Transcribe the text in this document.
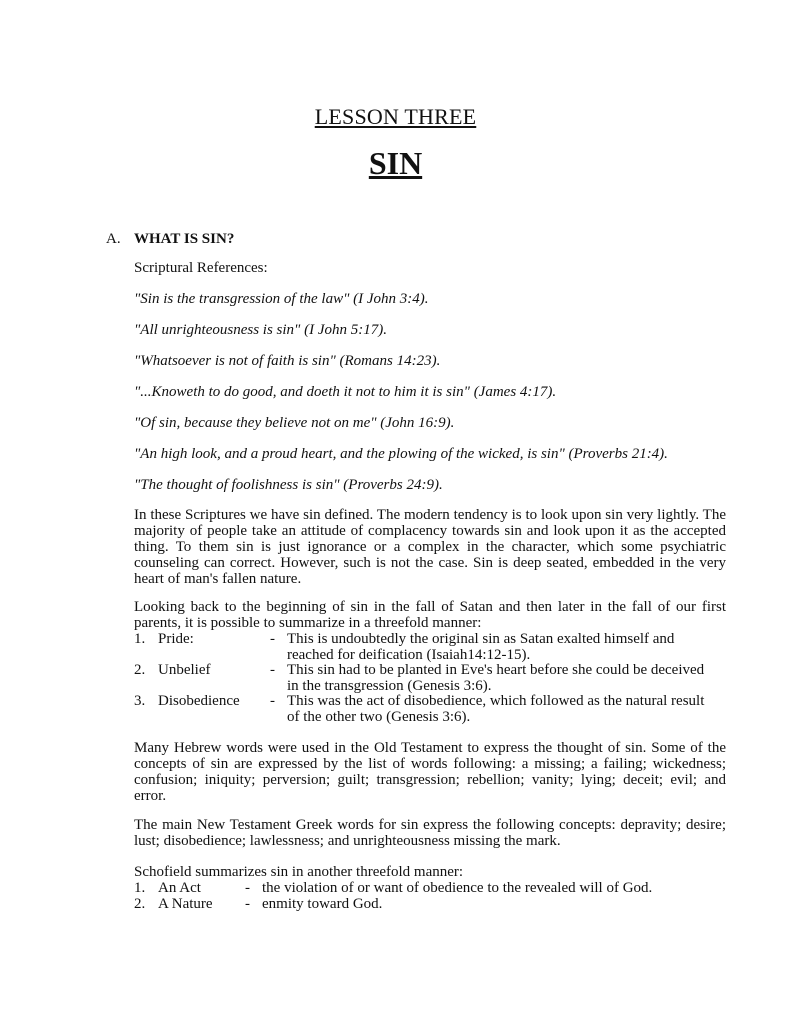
LESSON THREE
SIN
A. WHAT IS SIN?
Scriptural References:
"Sin is the transgression of the law" (I John 3:4).
"All unrighteousness is sin" (I John 5:17).
"Whatsoever is not of faith is sin" (Romans 14:23).
"...Knoweth to do good, and doeth it not to him it is sin" (James 4:17).
"Of sin, because they believe not on me" (John 16:9).
"An high look, and a proud heart, and the plowing of the wicked, is sin" (Proverbs 21:4).
"The thought of foolishness is sin" (Proverbs 24:9).
In these Scriptures we have sin defined. The modern tendency is to look upon sin very lightly. The majority of people take an attitude of complacency towards sin and look upon it as the accepted thing. To them sin is just ignorance or a complex in the character, which some psychiatric counseling can correct. However, such is not the case. Sin is deep seated, embedded in the very heart of man's fallen nature.
Looking back to the beginning of sin in the fall of Satan and then later in the fall of our first parents, it is possible to summarize in a threefold manner:
1. Pride:	- This is undoubtedly the original sin as Satan exalted himself and
reached for deification (Isaiah14:12-15).
2. Unbelief	- This sin had to be planted in Eve's heart before she could be deceived
in the transgression (Genesis 3:6).
3. Disobedience - This was the act of disobedience, which followed as the natural result
of the other two (Genesis 3:6).
Many Hebrew words were used in the Old Testament to express the thought of sin. Some of the concepts of sin are expressed by the list of words following: a missing; a failing; wickedness; confusion; iniquity; perversion; guilt; transgression; rebellion; vanity; lying; deceit; evil; and error.
The main New Testament Greek words for sin express the following concepts: depravity; desire; lust; disobedience; lawlessness; and unrighteousness missing the mark.
Schofield summarizes sin in another threefold manner:
1. An Act	- the violation of or want of obedience to the revealed will of God.
2. A Nature - enmity toward God.
